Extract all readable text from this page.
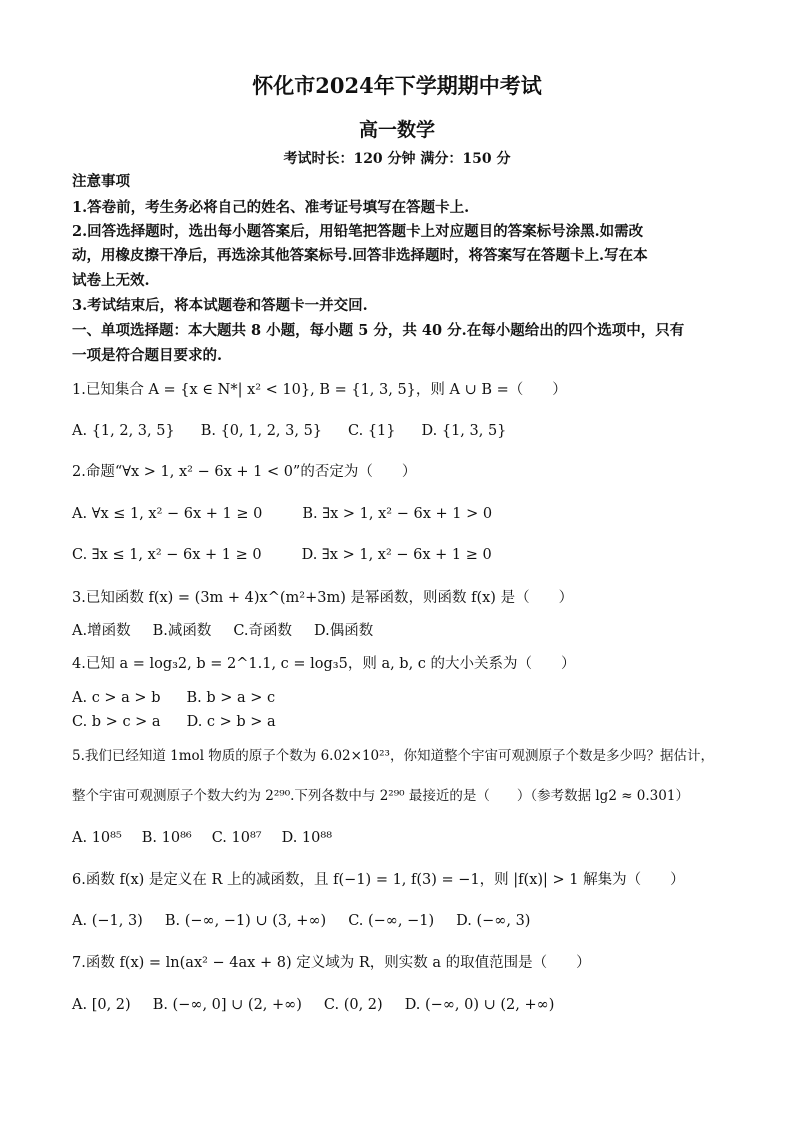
怀化市2024年下学期期中考试
高一数学
考试时长：120 分钟 满分：150 分
注意事项
1.答卷前，考生务必将自己的姓名、准考证号填写在答题卡上.
2.回答选择题时，选出每小题答案后，用铅笔把答题卡上对应题目的答案标号涂黑.如需改
动，用橡皮擦干净后，再选涂其他答案标号.回答非选择题时，将答案写在答题卡上.写在本
试卷上无效.
3.考试结束后，将本试题卷和答题卡一并交回.
一、单项选择题：本大题共 8 小题，每小题 5 分，共 40 分.在每小题给出的四个选项中，只有
一项是符合题目要求的.
1.已知集合 A = {x ∈ N*| x² < 10}, B = {1, 3, 5}，则 A ∪ B =（　　）
A. {1, 2, 3, 5} B. {0, 1, 2, 3, 5} C. {1} D. {1, 3, 5}
2.命题“∀x > 1, x² − 6x + 1 < 0”的否定为（　　）
A. ∀x ≤ 1, x² − 6x + 1 ≥ 0	B. ∃x > 1, x² − 6x + 1 > 0
C. ∃x ≤ 1, x² − 6x + 1 ≥ 0	D. ∃x > 1, x² − 6x + 1 ≥ 0
3.已知函数 f(x) = (3m + 4)x^(m²+3m) 是幂函数，则函数 f(x) 是（　　）
A.增函数 B.减函数 C.奇函数 D.偶函数
4.已知 a = log₃2, b = 2^1.1, c = log₃5，则 a, b, c 的大小关系为（　　）
A. c > a > b B. b > a > c
C. b > c > a D. c > b > a
5.我们已经知道 1mol 物质的原子个数为 6.02×10²³，你知道整个宇宙可观测原子个数是多少吗？据估计，
整个宇宙可观测原子个数大约为 2²⁹⁰.下列各数中与 2²⁹⁰ 最接近的是（　　）（参考数据 lg2 ≈ 0.301）
A. 10⁸⁵ B. 10⁸⁶ C. 10⁸⁷ D. 10⁸⁸
6.函数 f(x) 是定义在 R 上的减函数，且 f(−1) = 1, f(3) = −1，则 |f(x)| > 1 解集为（　　）
A. (−1, 3) B. (−∞, −1) ∪ (3, +∞) C. (−∞, −1) D. (−∞, 3)
7.函数 f(x) = ln(ax² − 4ax + 8) 定义域为 R，则实数 a 的取值范围是（　　）
A. [0, 2) B. (−∞, 0] ∪ (2, +∞) C. (0, 2) D. (−∞, 0) ∪ (2, +∞)
